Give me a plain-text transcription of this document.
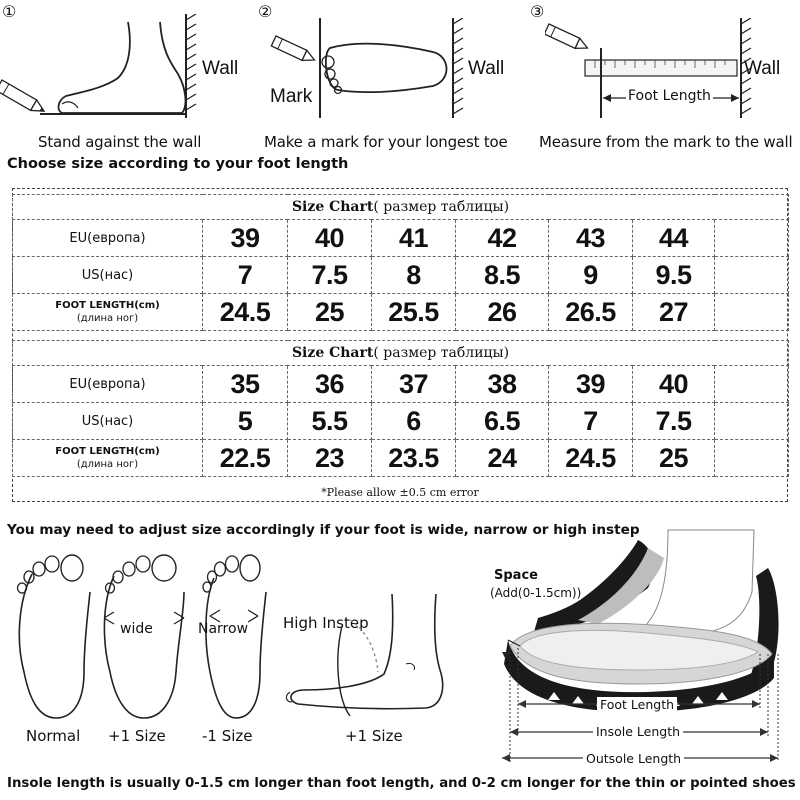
①
Wall
Stand against the wall
②
Mark
Wall
Make a mark for your longest toe
③
Foot Length
Wall
Measure from the mark to the wall
Choose size according to your foot length
Size Chart( размер таблицы)							
EU(европа)	39	40	41	42	43	44	
US(нас)	7	7.5	8	8.5	9	9.5	
FOOT LENGTH(cm)
(длина ног)	24.5	25	25.5	26	26.5	27	
Size Chart( размер таблицы)							
EU(европа)	35	36	37	38	39	40	
US(нас)	5	5.5	6	6.5	7	7.5	
FOOT LENGTH(cm)
(длина ног)	22.5	23	23.5	24	24.5	25	
*Please allow ±0.5 cm error
You may need to adjust size accordingly if your foot is wide, narrow or high instep
Normal
wide
+1 Size
Narrow
-1 Size
High Instep
+1 Size
Space
(Add(0-1.5cm))
Foot Length
Insole Length
Outsole Length
Insole length is usually 0-1.5 cm longer than foot length, and 0-2 cm longer for the thin or pointed shoes
